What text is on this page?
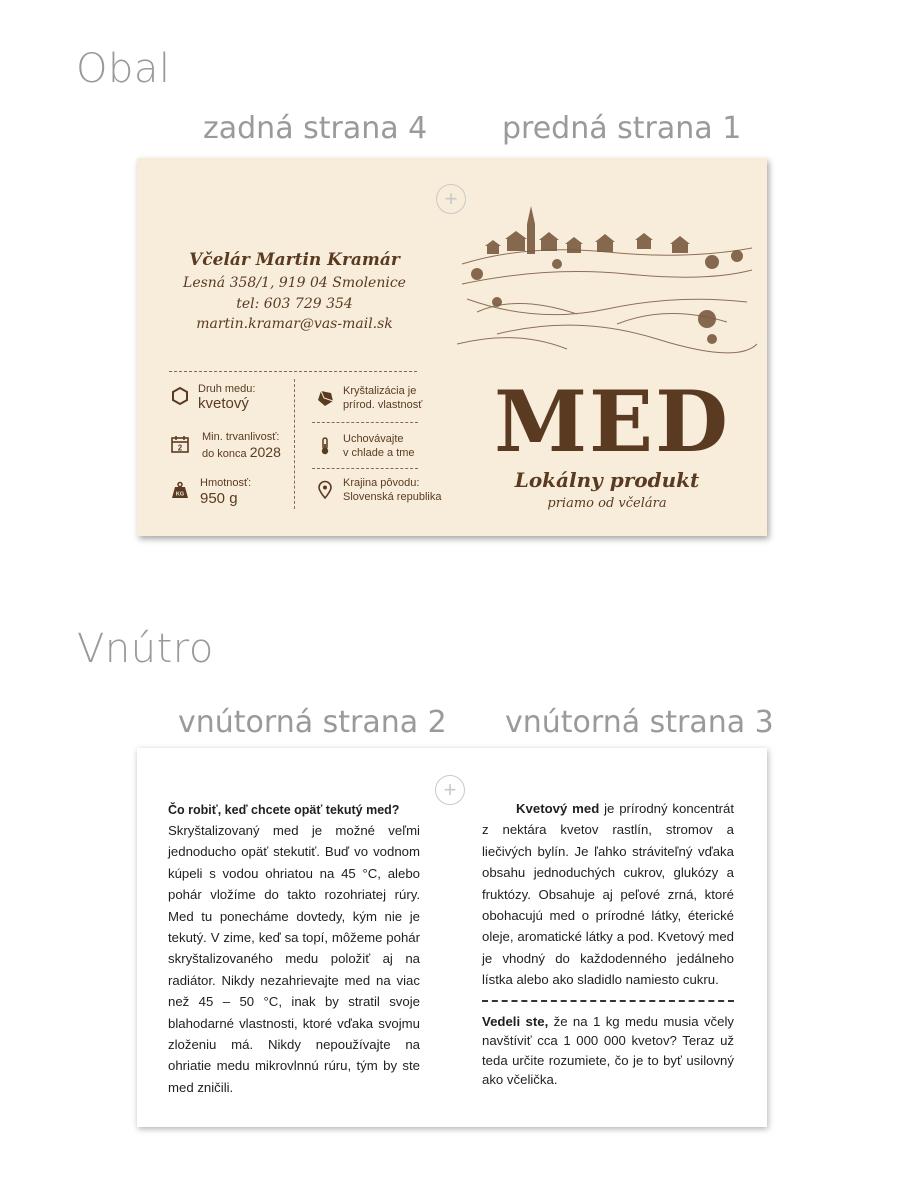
Obal
zadná strana 4 predná strana 1
+
Včelár Martin Kramár
Lesná 358/1, 919 04 Smolenice
tel: 603 729 354
martin.kramar@vas-mail.sk
Druh medu:
kvetový
2
Min. trvanlivosť:
do konca 2028
KG
Hmotnosť:
950 g
Kryštalizácia je
prírod. vlastnosť
Uchovávajte
v chlade a tme
Krajina pôvodu:
Slovenská republika
MED
Lokálny produkt
priamo od včelára
Vnútro
vnútorná strana 2 vnútorná strana 3
+
Čo robiť, keď chcete opäť tekutý med?
Skryštalizovaný med je možné veľmi jednoducho opäť stekutiť. Buď vo vodnom kúpeli s vodou ohriatou na 45 °C, alebo pohár vložíme do takto rozohriatej rúry. Med tu ponecháme dovtedy, kým nie je tekutý. V zime, keď sa topí, môžeme pohár skryštalizovaného medu položiť aj na radiátor. Nikdy nezahrievajte med na viac než 45 – 50 °C, inak by stratil svoje blahodarné vlastnosti, ktoré vďaka svojmu zloženiu má. Nikdy nepoužívajte na ohriatie medu mikrovlnnú rúru, tým by ste med zničili.
Kvetový med je prírodný koncentrát z nektára kvetov rastlín, stromov a liečivých bylín. Je ľahko stráviteľný vďaka obsahu jednoduchých cukrov, glukózy a fruktózy. Obsahuje aj peľové zrná, ktoré obohacujú med o prírodné látky, éterické oleje, aromatické látky a pod. Kvetový med je vhodný do každodenného jedálneho lístka alebo ako sladidlo namiesto cukru.
Vedeli ste, že na 1 kg medu musia včely navštíviť cca 1 000 000 kvetov? Teraz už teda určite rozumiete, čo je to byť usilovný ako včelička.
